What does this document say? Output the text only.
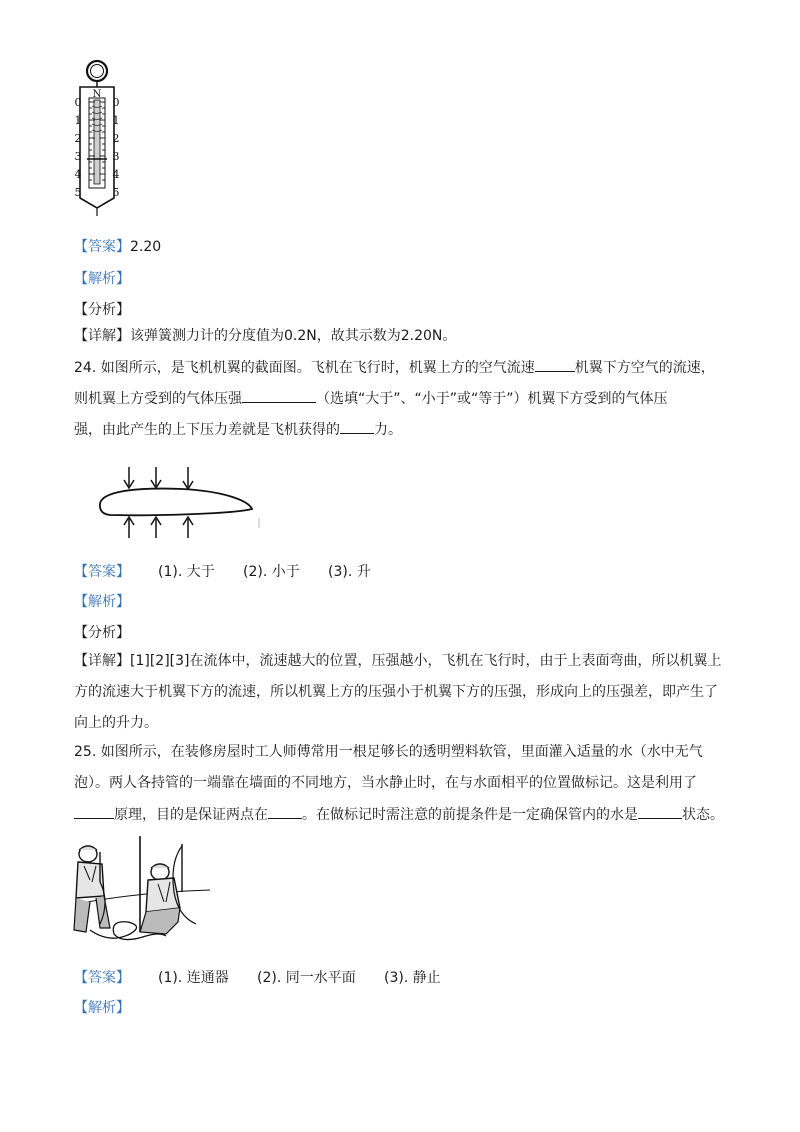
N
0
1
2
3
4
5
0
1
2
3
4
5
【答案】2.20
【解析】
【分析】
【详解】该弹簧测力计的分度值为0.2N，故其示数为2.20N。
24. 如图所示，是飞机机翼的截面图。飞机在飞行时，机翼上方的空气流速	机翼下方空气的流速，
则机翼上方受到的气体压强	（选填“大于”、“小于”或“等于”）机翼下方受到的气体压
强，由此产生的上下压力差就是飞机获得的 力。
【答案】 (1). 大于 (2). 小于 (3). 升
【解析】
【分析】
【详解】[1][2][3]在流体中，流速越大的位置，压强越小，飞机在飞行时，由于上表面弯曲，所以机翼上
方的流速大于机翼下方的流速，所以机翼上方的压强小于机翼下方的压强，形成向上的压强差，即产生了
向上的升力。
25. 如图所示，在装修房屋时工人师傅常用一根足够长的透明塑料软管，里面灌入适量的水（水中无气
泡）。两人各持管的一端靠在墙面的不同地方，当水静止时，在与水面相平的位置做标记。这是利用了
原理，目的是保证两点在 。在做标记时需注意的前提条件是一定确保管内的水是	状态。
【答案】 (1). 连通器 (2). 同一水平面 (3). 静止
【解析】
